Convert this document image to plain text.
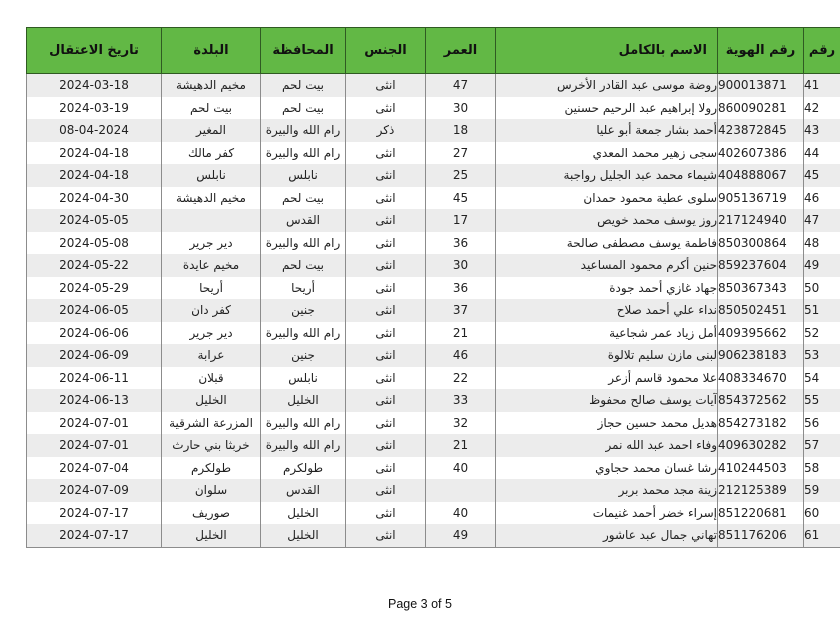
رقم	رقم الهوية	الاسم بالكامل	العمر	الجنس	المحافظة	البلدة	تاريخ الاعتقال
41	900013871	روضة موسى عبد القادر الأخرس	47	انثى	بيت لحم	مخيم الدهيشة	2024-03-18
42	860090281	رولا إبراهيم عبد الرحيم حسنين	30	انثى	بيت لحم	بيت لحم	2024-03-19
43	423872845	أحمد بشار جمعة أبو عليا	18	ذكر	رام الله والبيرة	المغير	08-04-2024
44	402607386	سجى زهير محمد المعدي	27	انثى	رام الله والبيرة	كفر مالك	2024-04-18
45	404888067	شيماء محمد عبد الجليل رواجبة	25	انثى	نابلس	نابلس	2024-04-18
46	905136719	سلوى عطية محمود حمدان	45	انثى	بيت لحم	مخيم الدهيشة	2024-04-30
47	217124940	روز يوسف محمد خويص	17	انثى	القدس		2024-05-05
48	850300864	فاطمة يوسف مصطفى صالحة	36	انثى	رام الله والبيرة	دير جرير	2024-05-08
49	859237604	حنين أكرم محمود المساعيد	30	انثى	بيت لحم	مخيم عايدة	2024-05-22
50	850367343	جهاد غازي أحمد جودة	36	انثى	أريحا	أريحا	2024-05-29
51	850502451	نداء علي أحمد صلاح	37	انثى	جنين	كفر دان	2024-06-05
52	409395662	أمل زياد عمر شجاعية	21	انثى	رام الله والبيرة	دير جرير	2024-06-06
53	906238183	لبنى مازن سليم تلالوة	46	انثى	جنين	عرابة	2024-06-09
54	408334670	علا محمود قاسم أزعر	22	انثى	نابلس	قبلان	2024-06-11
55	854372562	آيات يوسف صالح محفوظ	33	انثى	الخليل	الخليل	2024-06-13
56	854273182	هديل محمد حسين حجاز	32	انثى	رام الله والبيرة	المزرعة الشرقية	2024-07-01
57	409630282	وفاء احمد عبد الله نمر	21	انثى	رام الله والبيرة	خربثا بني حارث	2024-07-01
58	410244503	رشا غسان محمد حجاوي	40	انثى	طولكرم	طولكرم	2024-07-04
59	212125389	زينة مجد محمد بربر		انثى	القدس	سلوان	2024-07-09
60	851220681	إسراء خضر أحمد غنيمات	40	انثى	الخليل	صوريف	2024-07-17
61	851176206	تهاني جمال عبد عاشور	49	انثى	الخليل	الخليل	2024-07-17
Page 3 of 5
